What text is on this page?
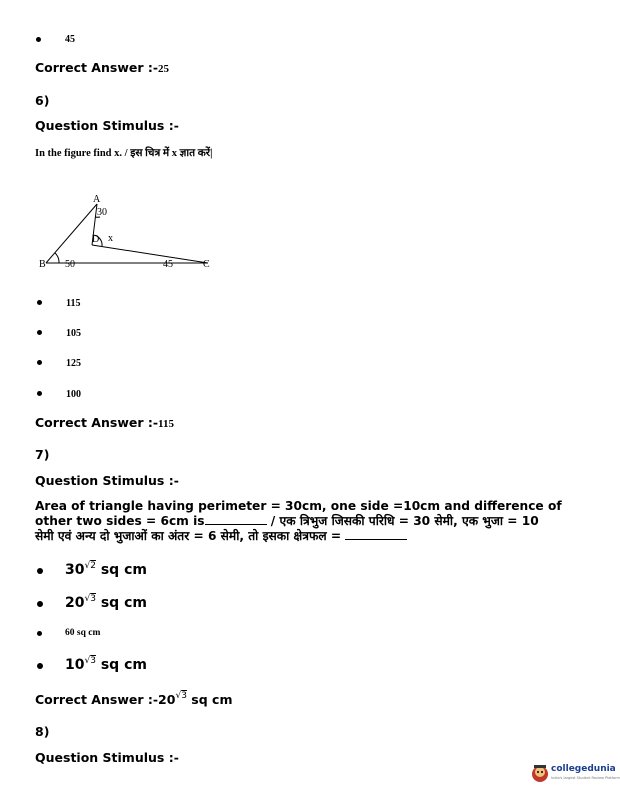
45
Correct Answer :-25
6)
Question Stimulus :-
In the figure find x. / इस चित्र में x ज्ञात करें|
A
B	C
D x
30
50	45
115
105
125
100
Correct Answer :-115
7)
Question Stimulus :-
Area of triangle having perimeter = 30cm, one side =10cm and difference of
other two sides = 6cm is	/ एक त्रिभुज जिसकी परिधि = 30 सेमी, एक भुजा = 10
सेमी एवं अन्य दो भुजाओं का अंतर = 6 सेमी, तो इसका क्षेत्रफल =
$30^{√2}$ sq cm
$20^{√3}$ sq cm
60 sq cm
$10^{√3}$ sq cm
Correct Answer $:-20^{√3}$ sq cm
8)
Question Stimulus :-
collegedunia
India's largest Student Review Platform
